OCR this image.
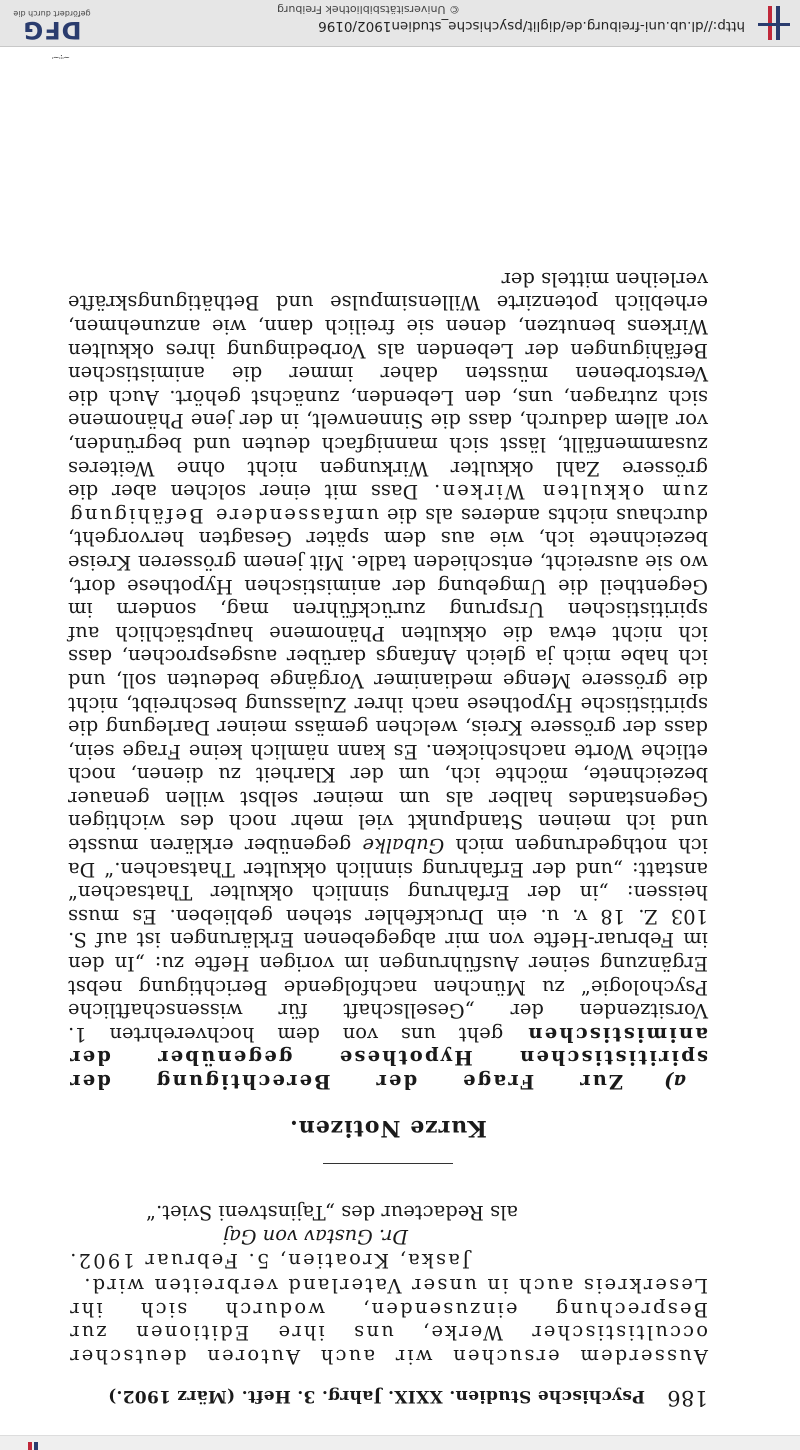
186
Psychische Studien. XXIX. Jahrg. 3. Heft. (März 1902.)

Ausserdem ersuchen wir auch Autoren deutscher occultistischer Werke, uns ihre Editionen zur Besprechung einzusenden, wodurch sich ihr Leserkreis auch in unser Vaterland verbreiten wird.

Jaska, Kroatien, 5. Februar 1902.

Dr. Gustav von Gaj

als Redacteur des „Tajinstveni Sviet.“

Kurze Notizen.

a) Zur Frage der Berechtigung der spiritistischen Hypothese gegenüber der animistischen geht uns von dem hochverehrten 1. Vorsitzenden der „Gesellschaft für wissenschaftliche Psychologie“ zu München nachfolgende Berichtigung nebst Ergänzung seiner Ausführungen im vorigen Hefte zu: „In den im Februar-Hefte von mir abgegebenen Erklärungen ist auf S. 103 Z. 18 v. u. ein Druckfehler stehen geblieben. Es muss heissen: „in der Erfahrung sinnlich okkulter Thatsachen“ anstatt: „und der Erfahrung sinnlich okkulter Thatsachen.“ Da ich nothgedrungen mich Gubalke gegenüber erklären musste und ich meinen Standpunkt viel mehr noch des wichtigen Gegenstandes halber als um meiner selbst willen genauer bezeichnete, möchte ich, um der Klarheit zu dienen, noch etliche Worte nachschicken. Es kann nämlich keine Frage sein, dass der grössere Kreis, welchen gemäss meiner Darlegung die spiritistische Hypothese nach ihrer Zulassung beschreibt, nicht die grössere Menge medianimer Vorgänge bedeuten soll, und ich habe mich ja gleich Anfangs darüber ausgesprochen, dass ich nicht etwa die okkulten Phänomene hauptsächlich auf spiritistischen Ursprung zurückführen mag, sondern im Gegentheil die Umgebung der animistischen Hypothese dort, wo sie ausreicht, entschieden tadle. Mit jenem grösseren Kreise bezeichnete ich, wie aus dem später Gesagten hervorgeht, durchaus nichts anderes als die umfassendere Befähigung zum okkulten Wirken. Dass mit einer solchen aber die grössere Zahl okkulter Wirkungen nicht ohne Weiteres zusammenfällt, lässt sich mannigfach deuten und begründen, vor allem dadurch, dass die Sinnenwelt, in der jene Phänomene sich zutragen, uns, den Lebenden, zunächst gehört. Auch die Verstorbenen müssten daher immer die animistischen Befähigungen der Lebenden als Vorbedingung ihres okkulten Wirkens benutzen, denen sie freilich dann, wie anzunehmen, erheblich potenzirte Willensimpulse und Bethätigungskräfte verleihen mittels der

~·:·~·
http://dl.ub.uni-freiburg.de/diglit/psychische_studien1902/0196
© Universitätsbibliothek Freiburg
DFG
gefördert durch die
